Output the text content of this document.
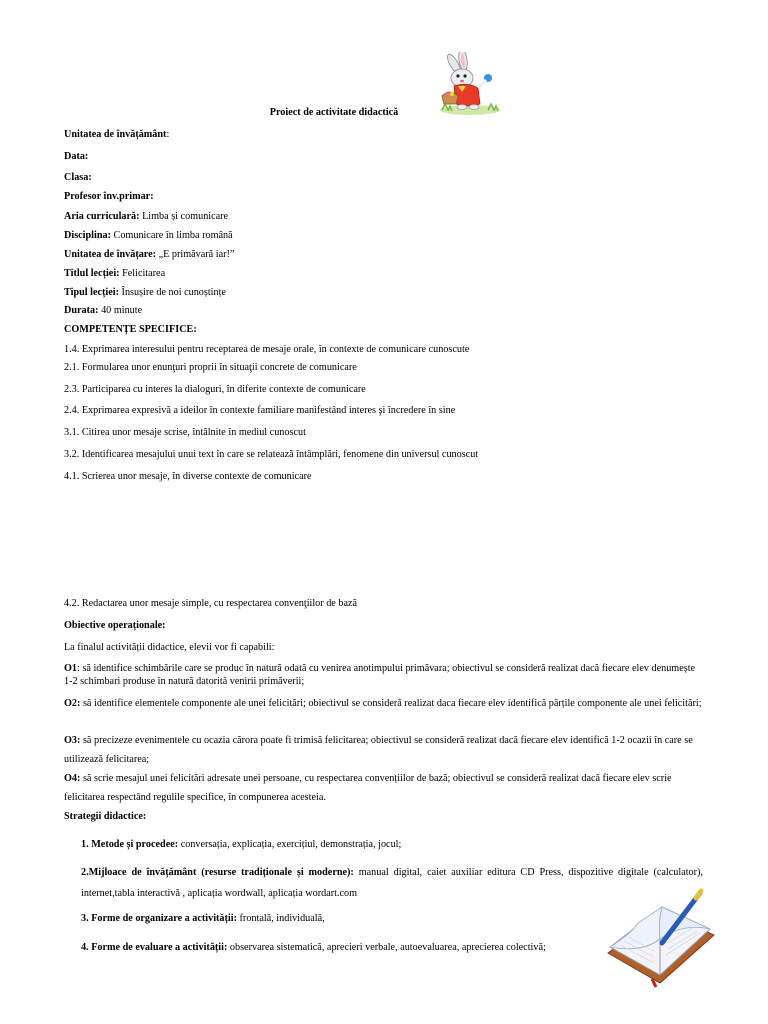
Proiect de activitate didactică
Unitatea de învățământ:
Data:
Clasa:
Profesor înv.primar:
Aria curriculară: Limba și comunicare
Disciplina: Comunicare în limba română
Unitatea de învățare: „E primăvară iar!”
Titlul lecției: Felicitarea
Tipul lecției: Însușire de noi cunoștințe
Durata: 40 minute
COMPETENȚE SPECIFICE:
1.4. Exprimarea interesului pentru receptarea de mesaje orale, în contexte de comunicare cunoscute
2.1. Formularea unor enunţuri proprii în situaţii concrete de comunicare
2.3. Participarea cu interes la dialoguri, în diferite contexte de comunicare
2.4. Exprimarea expresivă a ideilor în contexte familiare manifestând interes şi încredere în sine
3.1. Citirea unor mesaje scrise, întâlnite în mediul cunoscut
3.2. Identificarea mesajului unui text în care se relatează întâmplări, fenomene din universul cunoscut
4.1. Scrierea unor mesaje, în diverse contexte de comunicare
4.2. Redactarea unor mesaje simple, cu respectarea convenţiilor de bază
Obiective operaționale:
La finalul activității didactice, elevii vor fi capabili:
O1: să identifice schimbările care se produc în natură odată cu venirea anotimpului primăvara; obiectivul se consideră realizat dacă fiecare elev denumește 1-2 schimbari produse în natură datorită venirii primăverii;
O2: să identifice elementele componente ale unei felicitări; obiectivul se consideră realizat daca fiecare elev identifică părțile componente ale unei felicitări;
O3: să precizeze evenimentele cu ocazia cărora poate fi trimisă felicitarea; obiectivul se consideră realizat dacă fiecare elev identifică 1-2 ocazii în care se utilizează felicitarea;
O4: să scrie mesajul unei felicitări adresate unei persoane, cu respectarea convențiilor de bază; obiectivul se consideră realizat dacă fiecare elev scrie felicitarea respectând regulile specifice, în compunerea acesteia.
Strategii didactice:
1. Metode și procedee: conversația, explicația, exercițiul, demonstrația, jocul;
2.Mijloace de învățământ (resurse tradiționale și moderne): manual digital, caiet auxiliar editura CD Press, dispozitive digitale (calculator), internet,tabla interactivă , aplicația wordwall, aplicația wordart.com
3. Forme de organizare a activității: frontală, individuală,
4. Forme de evaluare a activității: observarea sistematică, aprecieri verbale, autoevaluarea, aprecierea colectivă;
